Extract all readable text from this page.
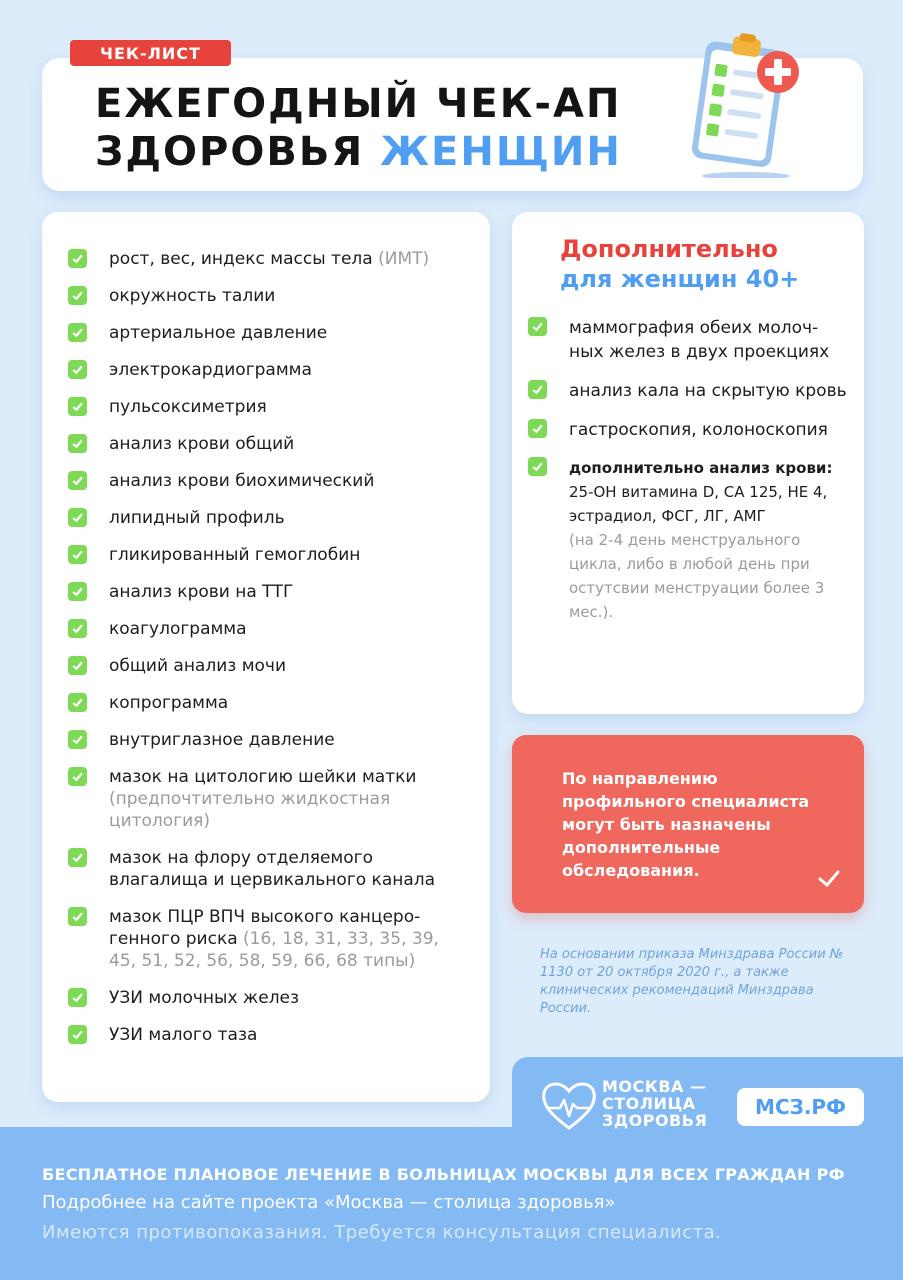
ЧЕК-ЛИСТ
ЕЖЕГОДНЫЙ ЧЕК-АП
ЗДОРОВЬЯ ЖЕНЩИН
рост, вес, индекс массы тела (ИМТ)
окружность талии
артериальное давление
электрокардиограмма
пульсоксиметрия
анализ крови общий
анализ крови биохимический
липидный профиль
гликированный гемоглобин
анализ крови на ТТГ
коагулограмма
общий анализ мочи
копрограмма
внутриглазное давление
мазок на цитологию шейки матки
(предпочтительно жидкостная цитология)
мазок на флору отделяемого влагалища и цервикального канала
мазок ПЦР ВПЧ высокого канцеро-генного риска (16, 18, 31, 33, 35, 39, 45, 51, 52, 56, 58, 59, 66, 68 типы)
УЗИ молочных желез
УЗИ малого таза
Дополнительно
для женщин 40+
маммография обеих молоч-ных желез в двух проекциях
анализ кала на скрытую кровь
гастроскопия, колоноскопия
дополнительно анализ крови:
25-ОН витамина D, СА 125, НЕ 4, эстрадиол, ФСГ, ЛГ, АМГ
(на 2-4 день менструального цикла, либо в любой день при остутсвии менструации более 3 мес.).
По направлению профильного специалиста могут быть назначены дополнительные обследования.
На основании приказа Минздрава России № 1130 от 20 октября 2020 г., а также клинических рекомендаций Минздрава России.
МОСКВА —
СТОЛИЦА
ЗДОРОВЬЯ
МСЗ.РФ
БЕСПЛАТНОЕ ПЛАНОВОЕ ЛЕЧЕНИЕ В БОЛЬНИЦАХ МОСКВЫ ДЛЯ ВСЕХ ГРАЖДАН РФ
Подробнее на сайте проекта «Москва — столица здоровья»
Имеются противопоказания. Требуется консультация специалиста.
